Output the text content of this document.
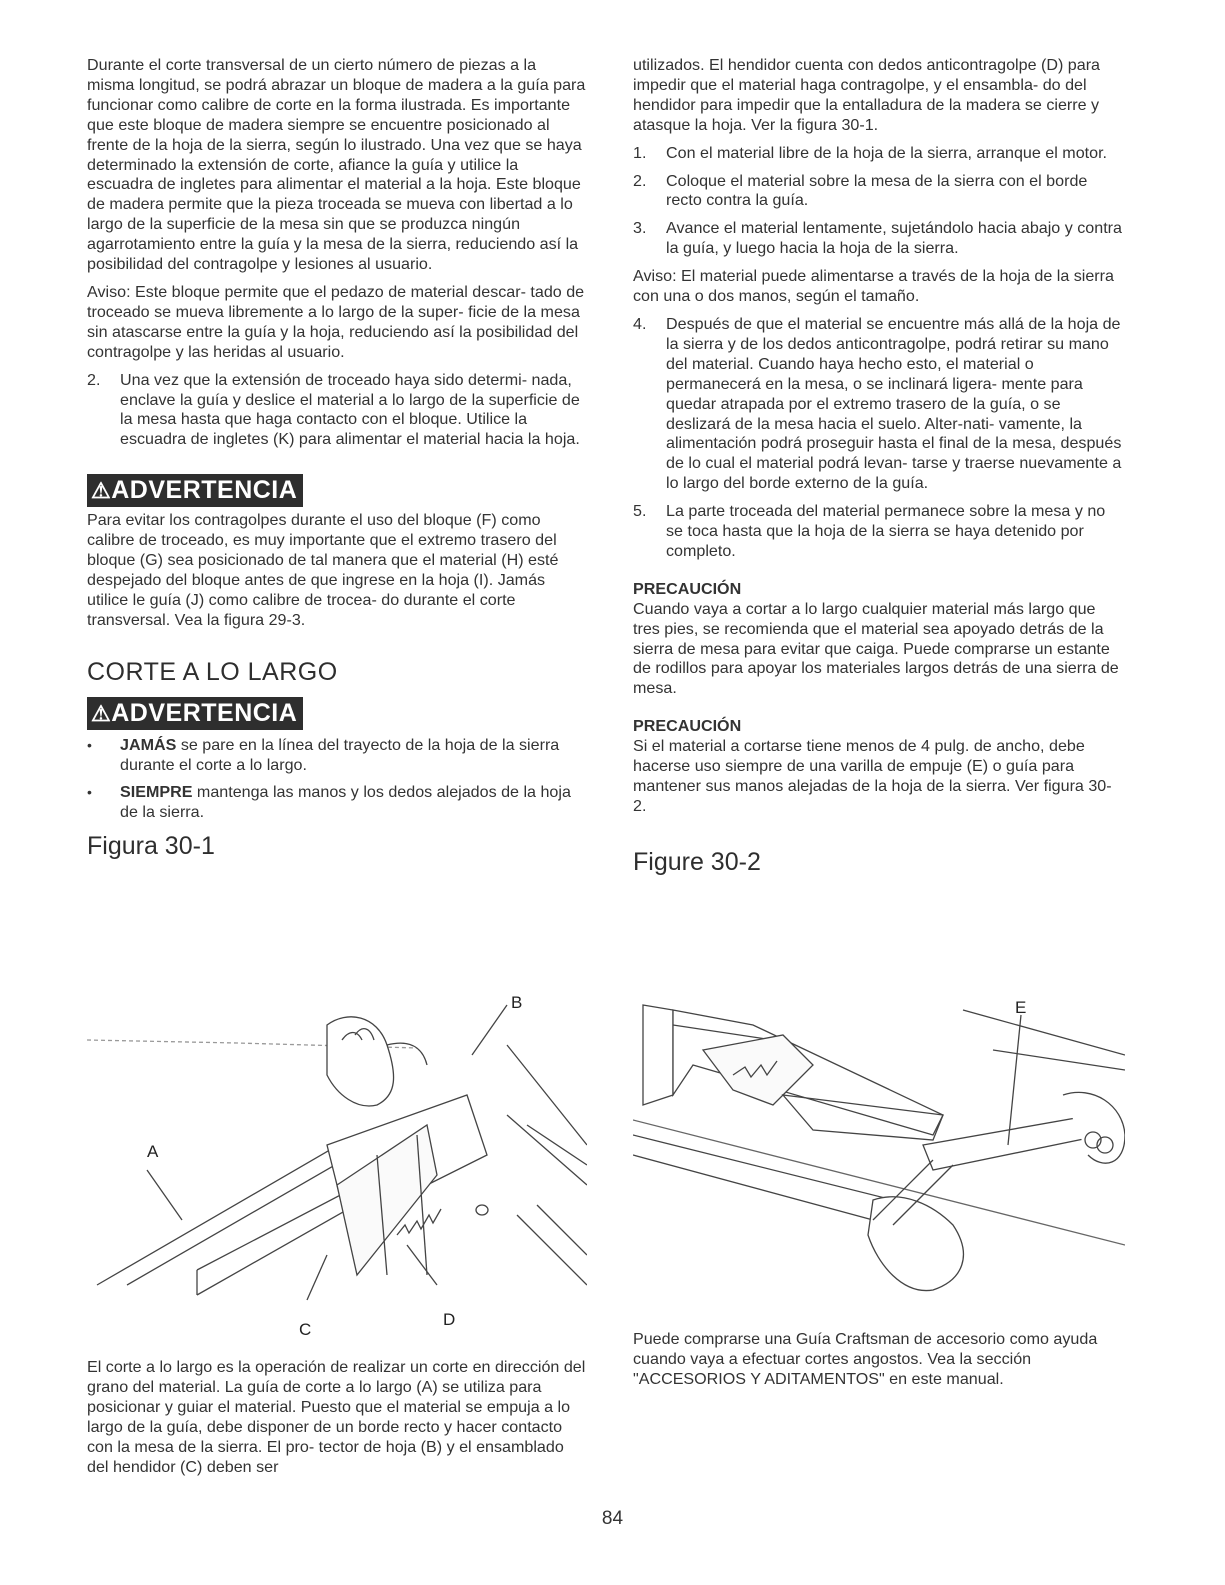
Durante el corte transversal de un cierto número de piezas a la misma longitud, se podrá abrazar un bloque de madera a la guía para funcionar como calibre de corte en la forma ilustrada. Es importante que este bloque de madera siempre se encuentre posicionado al frente de la hoja de la sierra, según lo ilustrado. Una vez que se haya determinado la extensión de corte, afiance la guía y utilice la escuadra de ingletes para alimentar el material a la hoja. Este bloque de madera permite que la pieza troceada se mueva con libertad a lo largo de la superficie de la mesa sin que se produzca ningún agarrotamiento entre la guía y la mesa de la sierra, reduciendo así la posibilidad del contragolpe y lesiones al usuario.

Aviso: Este bloque permite que el pedazo de material descar- tado de troceado se mueva libremente a lo largo de la super- ficie de la mesa sin atascarse entre la guía y la hoja, reduciendo así la posibilidad del contragolpe y las heridas al usuario.

2.	Una vez que la extensión de troceado haya sido determi- nada, enclave la guía y deslice el material a lo largo de la superficie de la mesa hasta que haga contacto con el bloque. Utilice la escuadra de ingletes (K) para alimentar el material hacia la hoja.
⚠ADVERTENCIA

Para evitar los contragolpes durante el uso del bloque (F) como calibre de troceado, es muy importante que el extremo trasero del bloque (G) sea posicionado de tal manera que el material (H) esté despejado del bloque antes de que ingrese en la hoja (I). Jamás utilice le guía (J) como calibre de trocea- do durante el corte transversal. Vea la figura 29-3.

CORTE A LO LARGO
⚠ADVERTENCIA
•	JAMÁS se pare en la línea del trayecto de la hoja de la sierra durante el corte a lo largo.
•	SIEMPRE mantenga las manos y los dedos alejados de la hoja de la sierra.
Figura 30-1
A
B
C
D

El corte a lo largo es la operación de realizar un corte en dirección del grano del material. La guía de corte a lo largo (A) se utiliza para posicionar y guiar el material. Puesto que el material se empuja a lo largo de la guía, debe disponer de un borde recto y hacer contacto con la mesa de la sierra. El pro- tector de hoja (B) y el ensamblado del hendidor (C) deben ser

utilizados. El hendidor cuenta con dedos anticontragolpe (D) para impedir que el material haga contragolpe, y el ensambla- do del hendidor para impedir que la entalladura de la madera se cierre y atasque la hoja. Ver la figura 30-1.

1.	Con el material libre de la hoja de la sierra, arranque el motor.
2.	Coloque el material sobre la mesa de la sierra con el borde recto contra la guía.
3.	Avance el material lentamente, sujetándolo hacia abajo y contra la guía, y luego hacia la hoja de la sierra.

Aviso: El material puede alimentarse a través de la hoja de la sierra con una o dos manos, según el tamaño.

4.	Después de que el material se encuentre más allá de la hoja de la sierra y de los dedos anticontragolpe, podrá retirar su mano del material. Cuando haya hecho esto, el material o permanecerá en la mesa, o se inclinará ligera- mente para quedar atrapada por el extremo trasero de la guía, o se deslizará de la mesa hacia el suelo. Alter-nati- vamente, la alimentación podrá proseguir hasta el final de la mesa, después de lo cual el material podrá levan- tarse y traerse nuevamente a lo largo del borde externo de la guía.
5.	La parte troceada del material permanece sobre la mesa y no se toca hasta que la hoja de la sierra se haya detenido por completo.

PRECAUCIÓN

Cuando vaya a cortar a lo largo cualquier material más largo que tres pies, se recomienda que el material sea apoyado detrás de la sierra de mesa para evitar que caiga. Puede comprarse un estante de rodillos para apoyar los materiales largos detrás de una sierra de mesa.

PRECAUCIÓN

Si el material a cortarse tiene menos de 4 pulg. de ancho, debe hacerse uso siempre de una varilla de empuje (E) o guía para mantener sus manos alejadas de la hoja de la sierra. Ver figura 30-2.

Figure 30-2
E

Puede comprarse una Guía Craftsman de accesorio como ayuda cuando vaya a efectuar cortes angostos. Vea la sección "ACCESORIOS Y ADITAMENTOS" en este manual.

84
